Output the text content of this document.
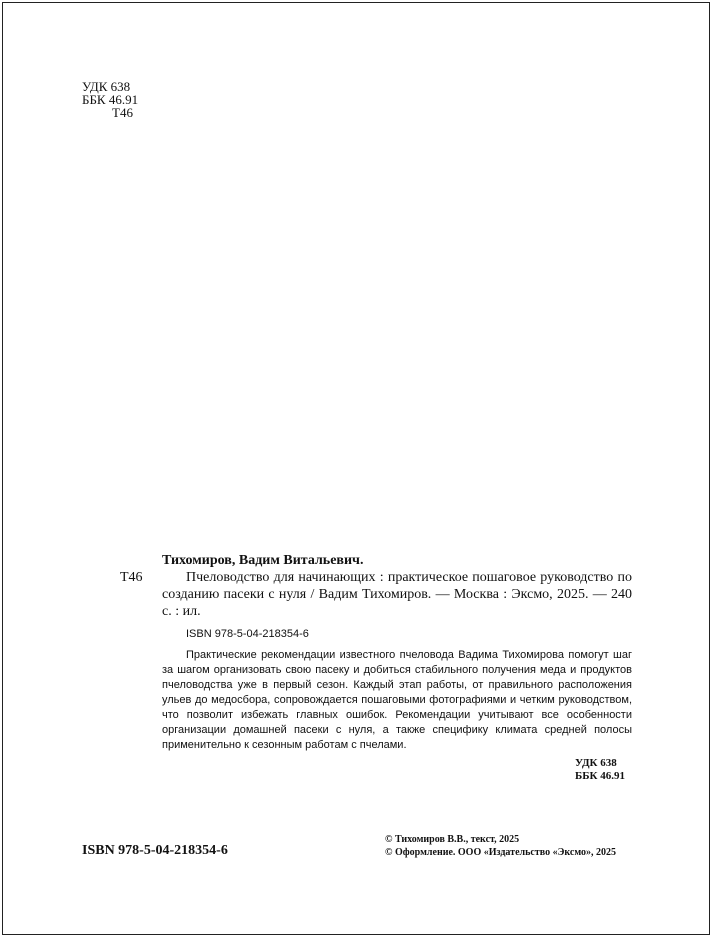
УДК 638
ББК 46.91
Т46
Тихомиров, Вадим Витальевич.
Т46	Пчеловодство для начинающих : практическое пошаговое руководство по созданию пасеки с нуля / Вадим Тихомиров. — Москва : Эксмо, 2025. — 240 с. : ил.
ISBN 978-5-04-218354-6
Практические рекомендации известного пчеловода Вадима Тихомирова помогут шаг за шагом организовать свою пасеку и добиться стабильного получения меда и продуктов пчеловодства уже в первый сезон. Каждый этап работы, от правильного расположения ульев до медосбора, сопровождается пошаговыми фотографиями и четким руководством, что позволит избежать главных ошибок. Рекомендации учитывают все особенности организации домашней пасеки с нуля, а также специфику климата средней полосы применительно к сезонным работам с пчелами.
УДК 638
ББК 46.91
ISBN 978-5-04-218354-6
© Тихомиров В.В., текст, 2025
© Оформление. ООО «Издательство «Эксмо», 2025
